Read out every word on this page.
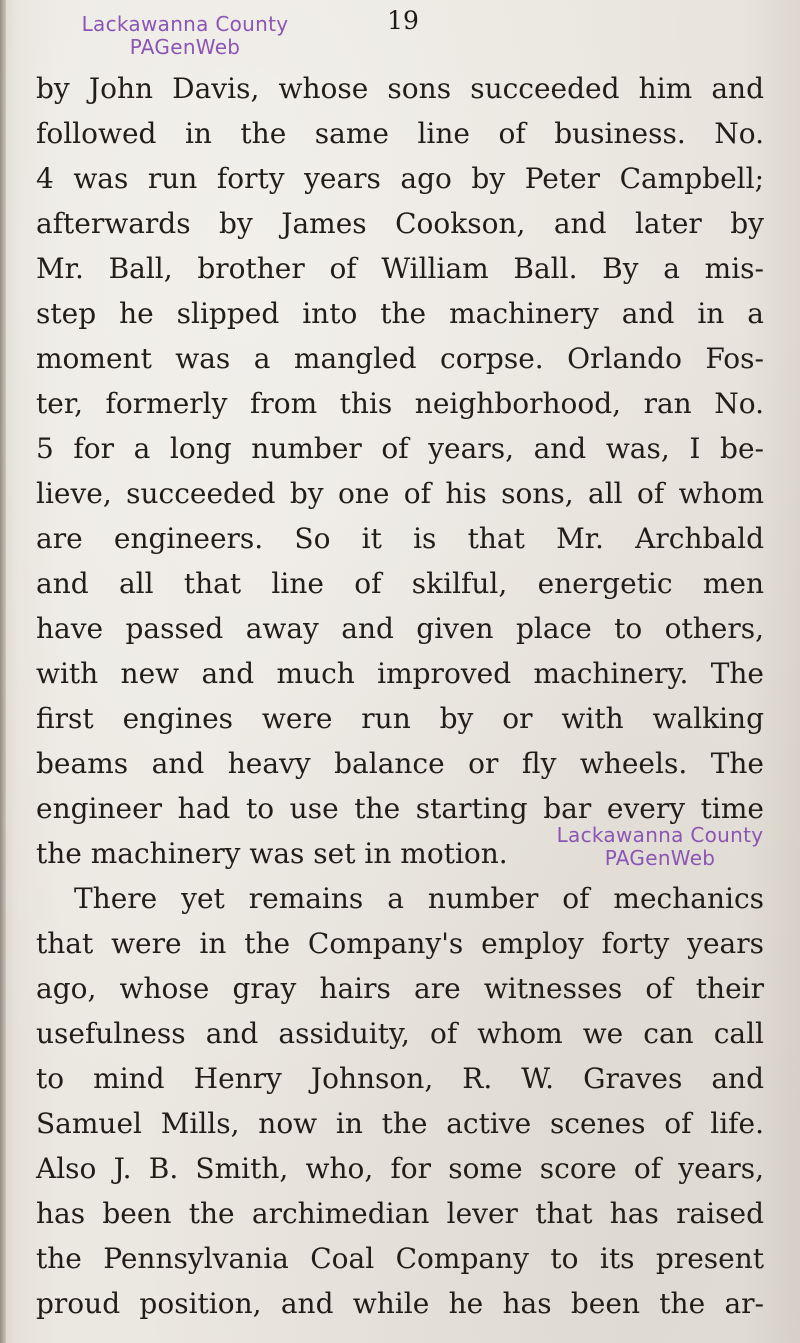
Lackawanna County
PAGenWeb
19
by John Davis, whose sons succeeded him and
followed in the same line of business. No.
4 was run forty years ago by Peter Campbell;
afterwards by James Cookson, and later by
Mr. Ball, brother of William Ball. By a mis-
step he slipped into the machinery and in a
moment was a mangled corpse. Orlando Fos-
ter, formerly from this neighborhood, ran No.
5 for a long number of years, and was, I be-
lieve, succeeded by one of his sons, all of whom
are engineers. So it is that Mr. Archbald
and all that line of skilful, energetic men
have passed away and given place to others,
with new and much improved machinery. The
first engines were run by or with walking
beams and heavy balance or fly wheels. The
engineer had to use the starting bar every time
the machinery was set in motion.
There yet remains a number of mechanics
that were in the Company's employ forty years
ago, whose gray hairs are witnesses of their
usefulness and assiduity, of whom we can call
to mind Henry Johnson, R. W. Graves and
Samuel Mills, now in the active scenes of life.
Also J. B. Smith, who, for some score of years,
has been the archimedian lever that has raised
the Pennsylvania Coal Company to its present
proud position, and while he has been the ar-
Lackawanna County
PAGenWeb
